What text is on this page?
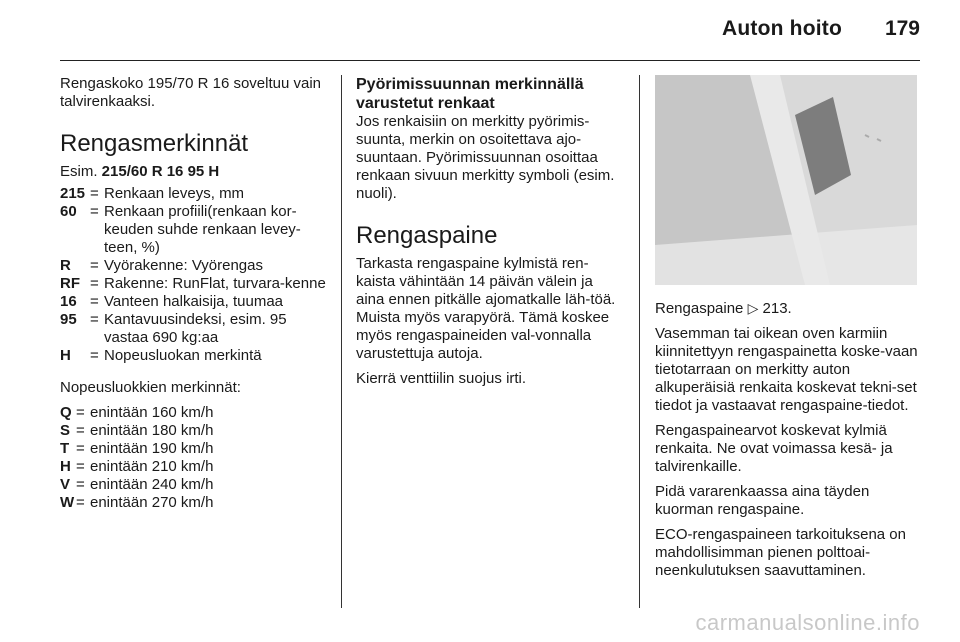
Auton hoito 179

Rengaskoko 195/70 R 16 soveltuu vain talvirenkaaksi.

Rengasmerkinnät

Esim. 215/60 R 16 95 H

215 = Renkaan leveys, mm
60 = Renkaan profiili(renkaan kor-keuden suhde renkaan levey-teen, %)
R	= Vyörakenne: Vyörengas
RF = Rakenne: RunFlat, turvara-kenne
16 = Vanteen halkaisija, tuumaa
95 = Kantavuusindeksi, esim. 95 vastaa 690 kg:aa
H	= Nopeusluokan merkintä

Nopeusluokkien merkinnät:

Q = enintään 160 km/h
S = enintään 180 km/h
T = enintään 190 km/h
H = enintään 210 km/h
V = enintään 240 km/h
W = enintään 270 km/h
Pyörimissuunnan merkinnällä varustetut renkaat

Jos renkaisiin on merkitty pyörimis-suunta, merkin on osoitettava ajo-suuntaan. Pyörimissuunnan osoittaa renkaan sivuun merkitty symboli (esim. nuoli).

Rengaspaine

Tarkasta rengaspaine kylmistä ren-kaista vähintään 14 päivän välein ja aina ennen pitkälle ajomatkalle läh-töä. Muista myös varapyörä. Tämä koskee myös rengaspaineiden val-vonnalla varustettuja autoja.

Kierrä venttiilin suojus irti.

Rengaspaine ▷ 213.

Vasemman tai oikean oven karmiin kiinnitettyyn rengaspainetta koske-vaan tietotarraan on merkitty auton alkuperäisiä renkaita koskevat tekni-set tiedot ja vastaavat rengaspaine-tiedot.

Rengaspainearvot koskevat kylmiä renkaita. Ne ovat voimassa kesä- ja talvirenkaille.

Pidä vararenkaassa aina täyden kuorman rengaspaine.

ECO-rengaspaineen tarkoituksena on mahdollisimman pienen polttoai-neenkulutuksen saavuttaminen.

carmanualsonline.info
